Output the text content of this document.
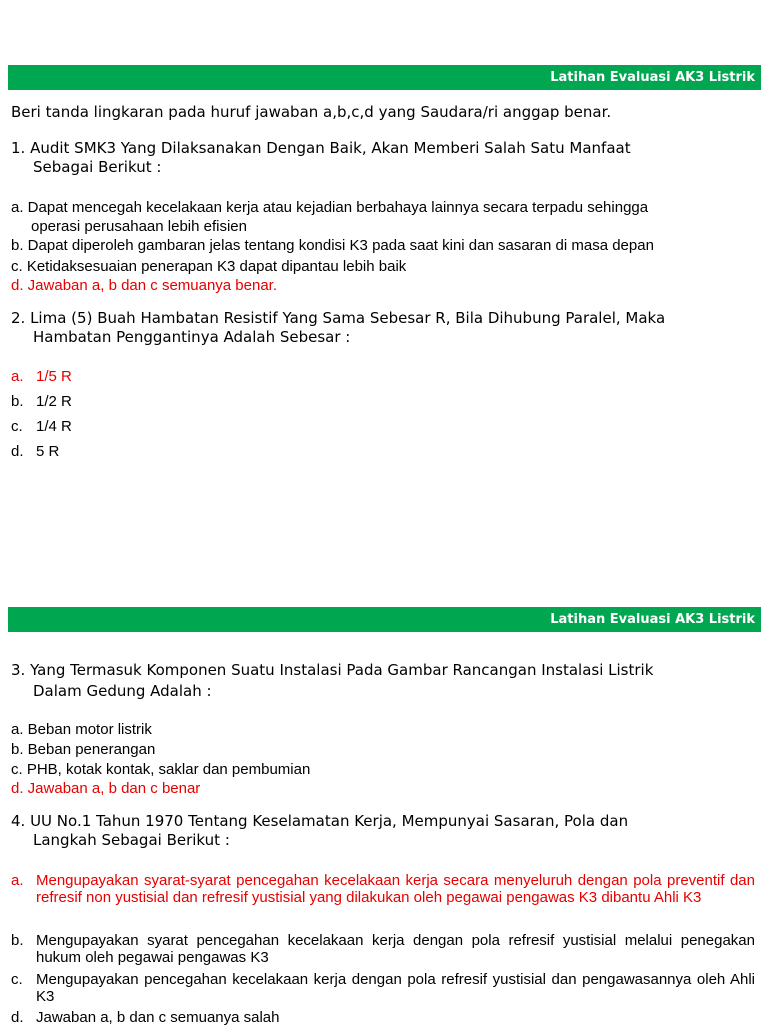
Latihan Evaluasi AK3 Listrik
Beri tanda lingkaran pada huruf jawaban a,b,c,d yang Saudara/ri anggap benar.
1. Audit SMK3 Yang Dilaksanakan Dengan Baik, Akan Memberi Salah Satu Manfaat
Sebagai Berikut :
a. Dapat mencegah kecelakaan kerja atau kejadian berbahaya lainnya secara terpadu sehingga
operasi perusahaan lebih efisien
b. Dapat diperoleh gambaran jelas tentang kondisi K3 pada saat kini dan sasaran di masa depan
c. Ketidaksesuaian penerapan K3 dapat dipantau lebih baik
d. Jawaban a, b dan c semuanya benar.
2. Lima (5) Buah Hambatan Resistif Yang Sama Sebesar R, Bila Dihubung Paralel, Maka
Hambatan Penggantinya Adalah Sebesar :
a. 1/5 R
b. 1/2 R
c. 1/4 R
d. 5 R
Latihan Evaluasi AK3 Listrik
3. Yang Termasuk Komponen Suatu Instalasi Pada Gambar Rancangan Instalasi Listrik
Dalam Gedung Adalah :
a. Beban motor listrik
b. Beban penerangan
c. PHB, kotak kontak, saklar dan pembumian
d. Jawaban a, b dan c benar
4. UU No.1 Tahun 1970 Tentang Keselamatan Kerja, Mempunyai Sasaran, Pola dan
Langkah Sebagai Berikut :
a. Mengupayakan syarat-syarat pencegahan kecelakaan kerja secara menyeluruh dengan pola preventif dan refresif non yustisial dan refresif yustisial yang dilakukan oleh pegawai pengawas K3 dibantu Ahli K3
b. Mengupayakan syarat pencegahan kecelakaan kerja dengan pola refresif yustisial melalui penegakan hukum oleh pegawai pengawas K3
c. Mengupayakan pencegahan kecelakaan kerja dengan pola refresif yustisial dan pengawasannya oleh Ahli K3
d. Jawaban a, b dan c semuanya salah
